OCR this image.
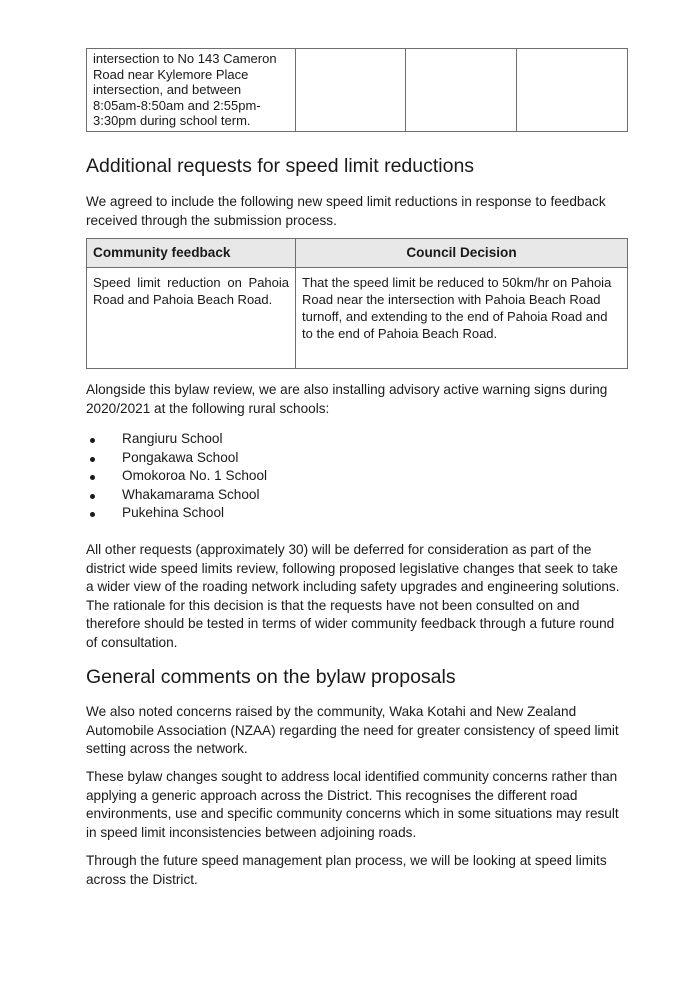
intersection to No 143 Cameron Road near Kylemore Place intersection, and between 8:05am-8:50am and 2:55pm-3:30pm during school term.			
Additional requests for speed limit reductions

We agreed to include the following new speed limit reductions in response to feedback received through the submission process.

Community feedback	Council Decision
Speed limit reduction on Pahoia Road and Pahoia Beach Road.	That the speed limit be reduced to 50km/hr on Pahoia Road near the intersection with Pahoia Beach Road turnoff, and extending to the end of Pahoia Road and to the end of Pahoia Beach Road.

Alongside this bylaw review, we are also installing advisory active warning signs during 2020/2021 at the following rural schools:

Rangiuru School
Pongakawa School
Omokoroa No. 1 School
Whakamarama School
Pukehina School

All other requests (approximately 30) will be deferred for consideration as part of the district wide speed limits review, following proposed legislative changes that seek to take a wider view of the roading network including safety upgrades and engineering solutions. The rationale for this decision is that the requests have not been consulted on and therefore should be tested in terms of wider community feedback through a future round of consultation.

General comments on the bylaw proposals

We also noted concerns raised by the community, Waka Kotahi and New Zealand Automobile Association (NZAA) regarding the need for greater consistency of speed limit setting across the network.

These bylaw changes sought to address local identified community concerns rather than applying a generic approach across the District. This recognises the different road environments, use and specific community concerns which in some situations may result in speed limit inconsistencies between adjoining roads.

Through the future speed management plan process, we will be looking at speed limits across the District.
